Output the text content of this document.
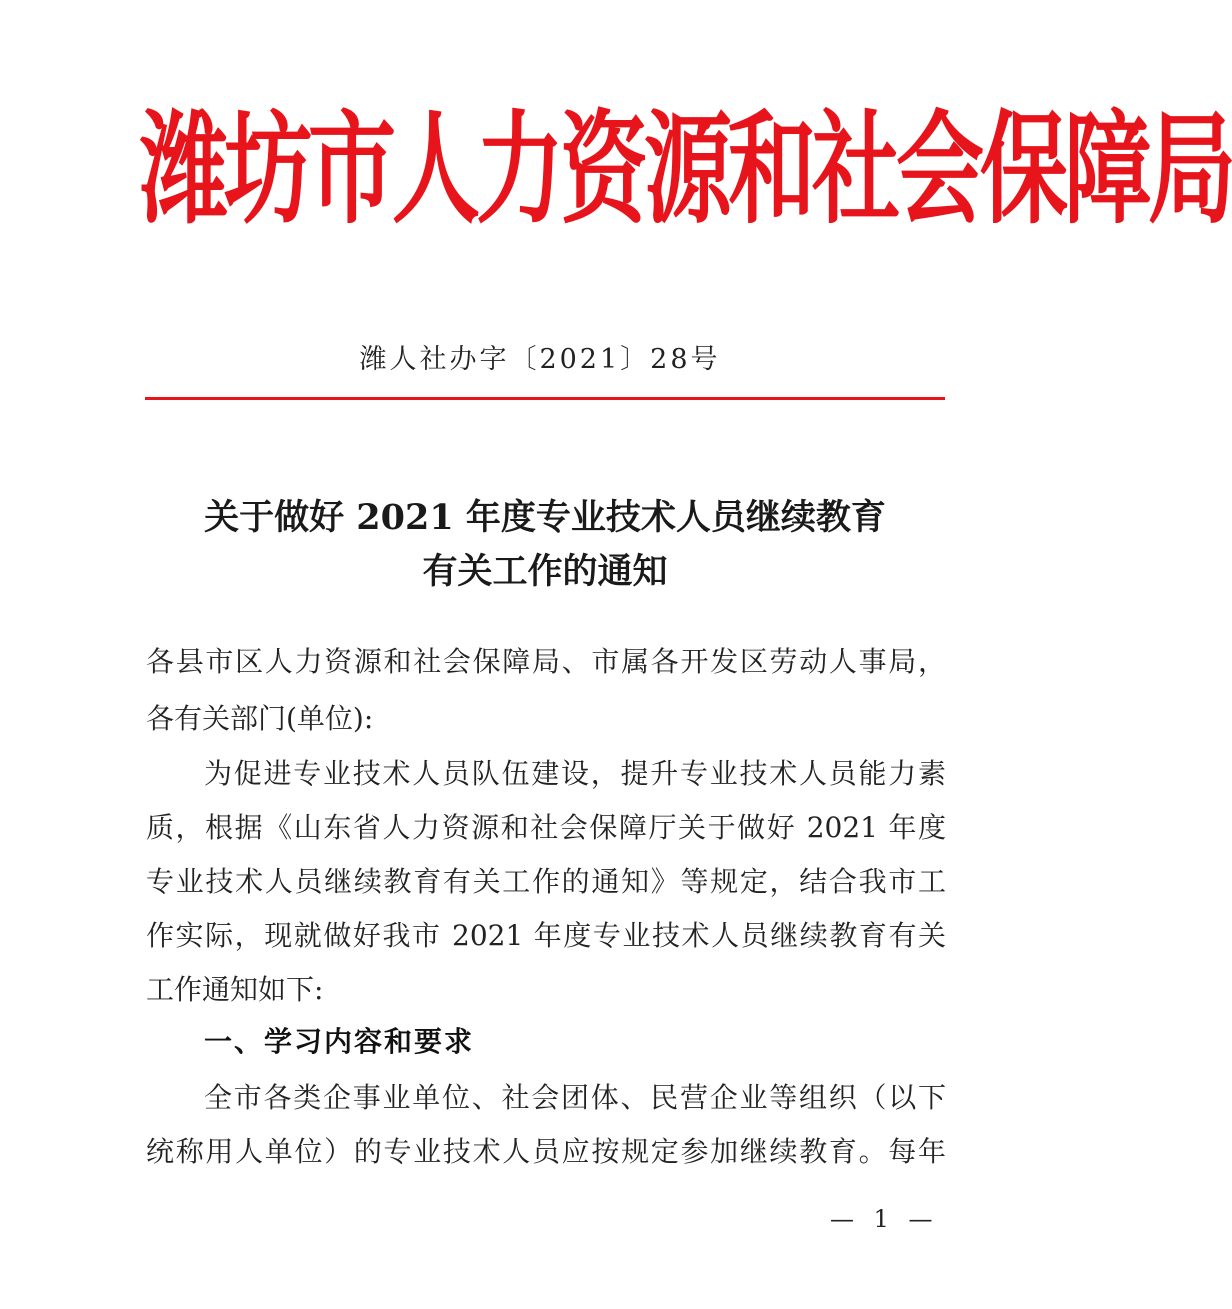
潍坊市人力资源和社会保障局
潍人社办字〔2021〕28号
关于做好 2021 年度专业技术人员继续教育
有关工作的通知
各县市区人力资源和社会保障局、市属各开发区劳动人事局，
各有关部门(单位):
为促进专业技术人员队伍建设，提升专业技术人员能力素
质，根据《山东省人力资源和社会保障厅关于做好 2021 年度
专业技术人员继续教育有关工作的通知》等规定，结合我市工
作实际，现就做好我市 2021 年度专业技术人员继续教育有关
工作通知如下:
一、学习内容和要求
全市各类企事业单位、社会团体、民营企业等组织（以下
统称用人单位）的专业技术人员应按规定参加继续教育。每年
— 1 —
